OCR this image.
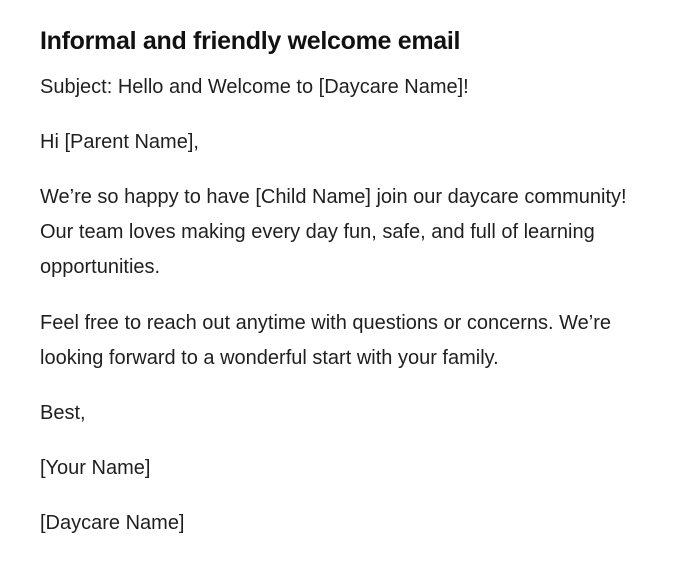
Informal and friendly welcome email

Subject: Hello and Welcome to [Daycare Name]!

Hi [Parent Name],

We’re so happy to have [Child Name] join our daycare community! Our team loves making every day fun, safe, and full of learning opportunities.

Feel free to reach out anytime with questions or concerns. We’re looking forward to a wonderful start with your family.

Best,

[Your Name]

[Daycare Name]
